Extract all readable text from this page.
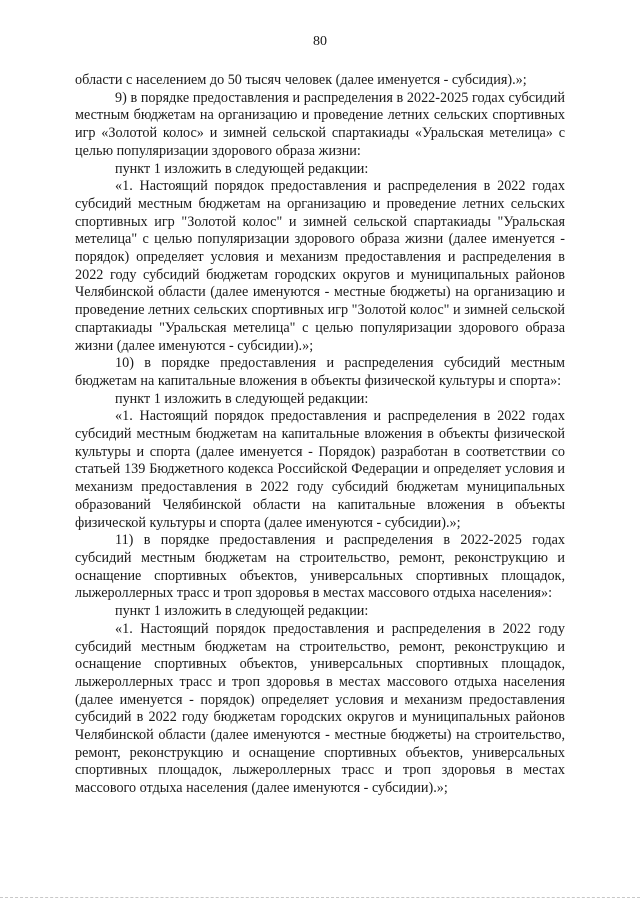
80

области с населением до 50 тысяч человек (далее именуется - субсидия).»;

9) в порядке предоставления и распределения в 2022-2025 годах субсидий местным бюджетам на организацию и проведение летних сельских спортивных игр «Золотой колос» и зимней сельской спартакиады «Уральская метелица» с целью популяризации здорового образа жизни:

пункт 1 изложить в следующей редакции:

«1. Настоящий порядок предоставления и распределения в 2022 годах субсидий местным бюджетам на организацию и проведение летних сельских спортивных игр "Золотой колос" и зимней сельской спартакиады "Уральская метелица" с целью популяризации здорового образа жизни (далее именуется - порядок) определяет условия и механизм предоставления и распределения в 2022 году субсидий бюджетам городских округов и муниципальных районов Челябинской области (далее именуются - местные бюджеты) на организацию и проведение летних сельских спортивных игр "Золотой колос" и зимней сельской спартакиады "Уральская метелица" с целью популяризации здорового образа жизни (далее именуются - субсидии).»;

10) в порядке предоставления и распределения субсидий местным бюджетам на капитальные вложения в объекты физической культуры и спорта»:

пункт 1 изложить в следующей редакции:

«1. Настоящий порядок предоставления и распределения в 2022 годах субсидий местным бюджетам на капитальные вложения в объекты физической культуры и спорта (далее именуется - Порядок) разработан в соответствии со статьей 139 Бюджетного кодекса Российской Федерации и определяет условия и механизм предоставления в 2022 году субсидий бюджетам муниципальных образований Челябинской области на капитальные вложения в объекты физической культуры и спорта (далее именуются - субсидии).»;

11) в порядке предоставления и распределения в 2022-2025 годах субсидий местным бюджетам на строительство, ремонт, реконструкцию и оснащение спортивных объектов, универсальных спортивных площадок, лыжероллерных трасс и троп здоровья в местах массового отдыха населения»:

пункт 1 изложить в следующей редакции:

«1. Настоящий порядок предоставления и распределения в 2022 году субсидий местным бюджетам на строительство, ремонт, реконструкцию и оснащение спортивных объектов, универсальных спортивных площадок, лыжероллерных трасс и троп здоровья в местах массового отдыха населения (далее именуется - порядок) определяет условия и механизм предоставления субсидий в 2022 году бюджетам городских округов и муниципальных районов Челябинской области (далее именуются - местные бюджеты) на строительство, ремонт, реконструкцию и оснащение спортивных объектов, универсальных спортивных площадок, лыжероллерных трасс и троп здоровья в местах массового отдыха населения (далее именуются - субсидии).»;
